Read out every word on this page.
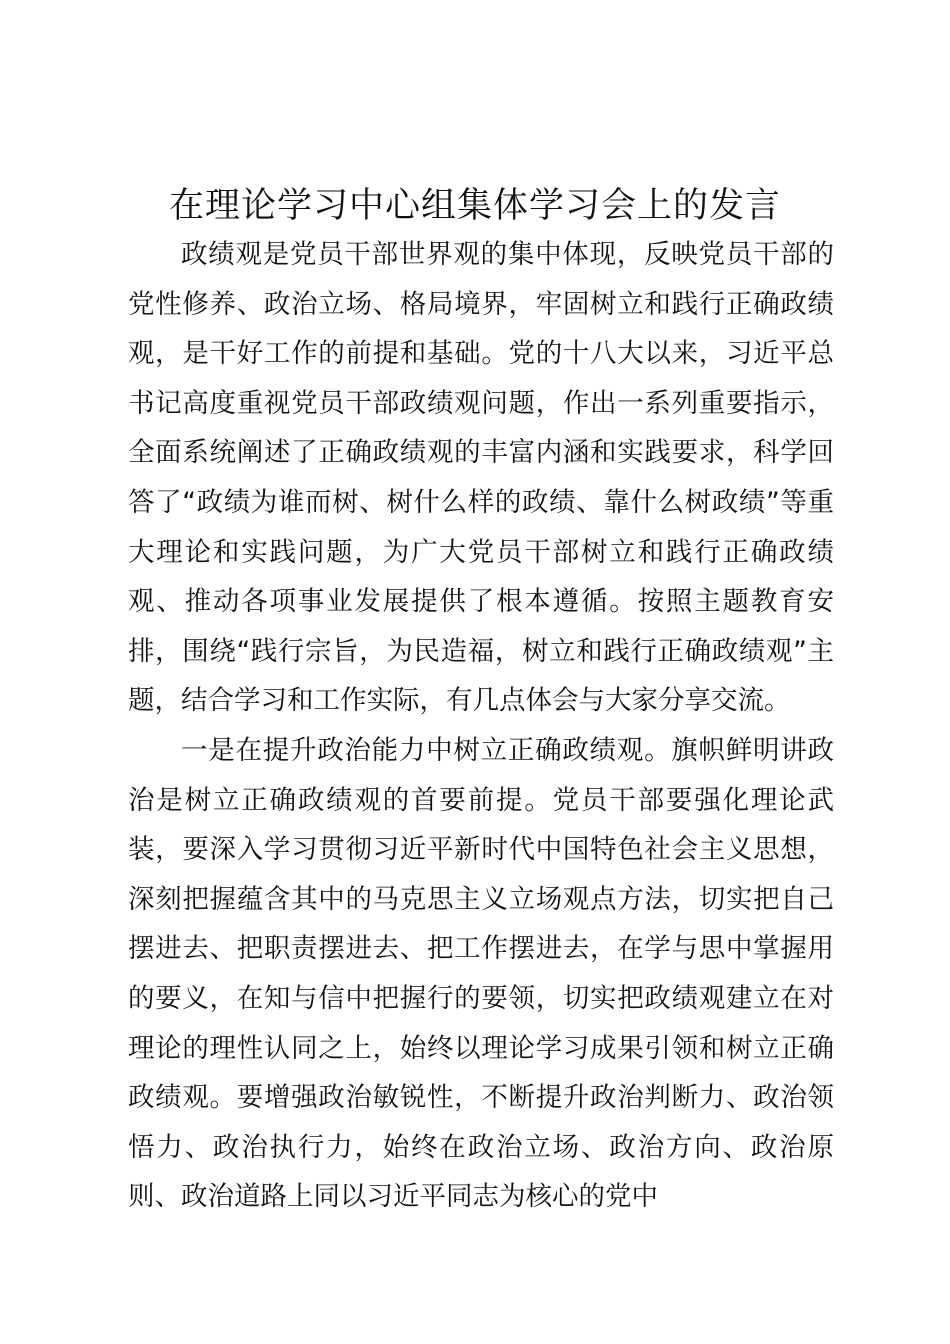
在理论学习中心组集体学习会上的发言

政绩观是党员干部世界观的集中体现，反映党员干部的党性修养、政治立场、格局境界，牢固树立和践行正确政绩观，是干好工作的前提和基础。党的十八大以来，习近平总书记高度重视党员干部政绩观问题，作出一系列重要指示，全面系统阐述了正确政绩观的丰富内涵和实践要求，科学回答了“政绩为谁而树、树什么样的政绩、靠什么树政绩”等重大理论和实践问题，为广大党员干部树立和践行正确政绩观、推动各项事业发展提供了根本遵循。按照主题教育安排，围绕“践行宗旨，为民造福，树立和践行正确政绩观”主题，结合学习和工作实际，有几点体会与大家分享交流。

一是在提升政治能力中树立正确政绩观。旗帜鲜明讲政治是树立正确政绩观的首要前提。党员干部要强化理论武装，要深入学习贯彻习近平新时代中国特色社会主义思想，深刻把握蕴含其中的马克思主义立场观点方法，切实把自己摆进去、把职责摆进去、把工作摆进去，在学与思中掌握用的要义，在知与信中把握行的要领，切实把政绩观建立在对理论的理性认同之上，始终以理论学习成果引领和树立正确政绩观。要增强政治敏锐性，不断提升政治判断力、政治领悟力、政治执行力，始终在政治立场、政治方向、政治原则、政治道路上同以习近平同志为核心的党中
